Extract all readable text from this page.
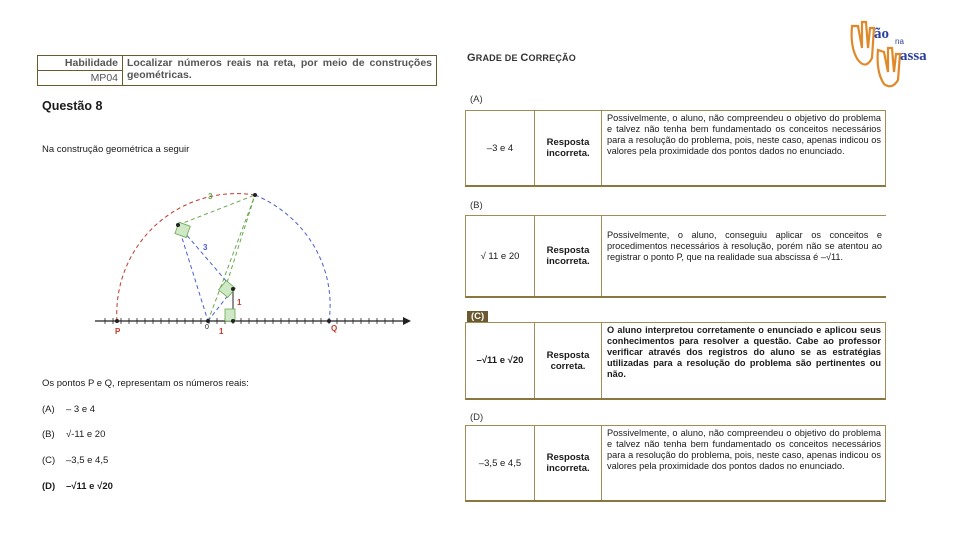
Habilidade	Localizar números reais na reta, por meio de construções geométricas.
MP04
Questão 8
Na construção geométrica a seguir
3
3
1
1
0
P	Q
Os pontos P e Q, representam os números reais:
(A) – 3 e 4
(B) √-11 e 20
(C) –3,5 e 4,5
(D) –√11 e √20
GRADE DE CORREÇÃO
(A)
–3 e 4	Resposta incorreta.
Possivelmente, o aluno, não compreendeu o objetivo do problema e talvez não tenha bem fundamentado os conceitos necessários para a resolução do problema, pois, neste caso, apenas indicou os valores pela proximidade dos pontos dados no enunciado.
(B)
√ 11 e 20	Resposta incorreta.
Possivelmente, o aluno, conseguiu aplicar os conceitos e procedimentos necessários à resolução, porém não se atentou ao registrar o ponto P, que na realidade sua abscissa é –√11.
(C)
–√11 e √20	Resposta correta.
O aluno interpretou corretamente o enunciado e aplicou seus conhecimentos para resolver a questão. Cabe ao professor verificar através dos registros do aluno se as estratégias utilizadas para a resolução do problema são pertinentes ou não.
(D)
–3,5 e 4,5	Resposta incorreta.
Possivelmente, o aluno, não compreendeu o objetivo do problema e talvez não tenha bem fundamentado os conceitos necessários para a resolução do problema, pois, neste caso, apenas indicou os valores pela proximidade dos pontos dados no enunciado.
ão na
assa
